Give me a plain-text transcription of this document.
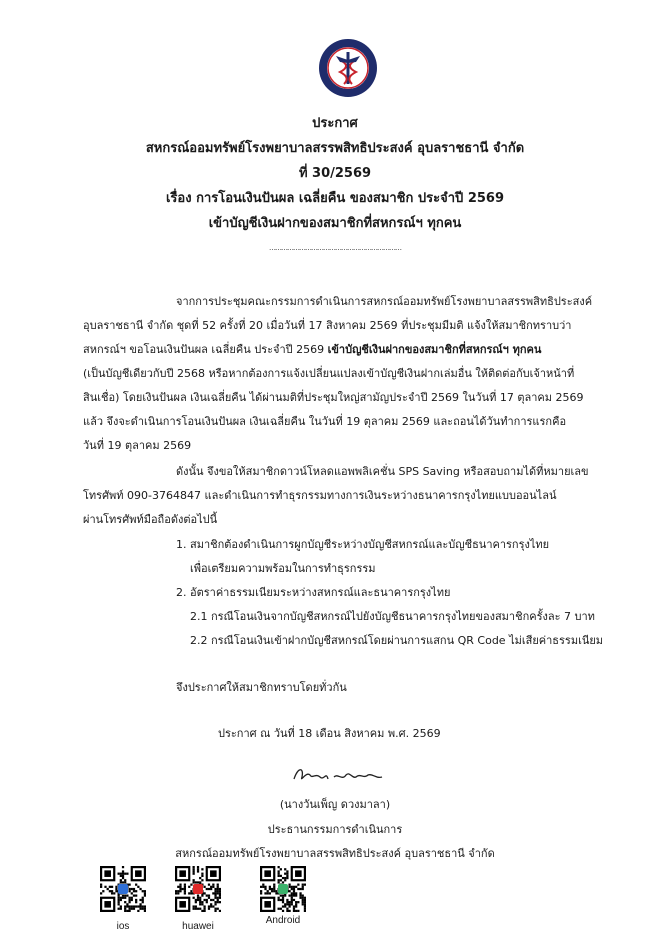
ประกาศ
สหกรณ์ออมทรัพย์โรงพยาบาลสรรพสิทธิประสงค์ อุบลราชธานี จำกัด
ที่ 30/2569
เรื่อง การโอนเงินปันผล เฉลี่ยคืน ของสมาชิก ประจำปี 2569
เข้าบัญชีเงินฝากของสมาชิกที่สหกรณ์ฯ ทุกคน
…………………………………………………………
จากการประชุมคณะกรรมการดำเนินการสหกรณ์ออมทรัพย์โรงพยาบาลสรรพสิทธิประสงค์
อุบลราชธานี จำกัด ชุดที่ 52 ครั้งที่ 20 เมื่อวันที่ 17 สิงหาคม 2569 ที่ประชุมมีมติ แจ้งให้สมาชิกทราบว่า
สหกรณ์ฯ ขอโอนเงินปันผล เฉลี่ยคืน ประจำปี 2569 เข้าบัญชีเงินฝากของสมาชิกที่สหกรณ์ฯ ทุกคน
(เป็นบัญชีเดียวกับปี 2568 หรือหากต้องการแจ้งเปลี่ยนแปลงเข้าบัญชีเงินฝากเล่มอื่น ให้ติดต่อกับเจ้าหน้าที่
สินเชื่อ) โดยเงินปันผล เงินเฉลี่ยคืน ได้ผ่านมติที่ประชุมใหญ่สามัญประจำปี 2569 ในวันที่ 17 ตุลาคม 2569
แล้ว จึงจะดำเนินการโอนเงินปันผล เงินเฉลี่ยคืน ในวันที่ 19 ตุลาคม 2569 และถอนได้วันทำการแรกคือ
วันที่ 19 ตุลาคม 2569
ดังนั้น จึงขอให้สมาชิกดาวน์โหลดแอพพลิเคชั่น SPS Saving หรือสอบถามได้ที่หมายเลข
โทรศัพท์ 090-3764847 และดำเนินการทำธุรกรรมทางการเงินระหว่างธนาคารกรุงไทยแบบออนไลน์
ผ่านโทรศัพท์มือถือดังต่อไปนี้
1. สมาชิกต้องดำเนินการผูกบัญชีระหว่างบัญชีสหกรณ์และบัญชีธนาคารกรุงไทย
เพื่อเตรียมความพร้อมในการทำธุรกรรม
2. อัตราค่าธรรมเนียมระหว่างสหกรณ์และธนาคารกรุงไทย
2.1 กรณีโอนเงินจากบัญชีสหกรณ์ไปยังบัญชีธนาคารกรุงไทยของสมาชิกครั้งละ 7 บาท
2.2 กรณีโอนเงินเข้าฝากบัญชีสหกรณ์โดยผ่านการแสกน QR Code ไม่เสียค่าธรรมเนียม
จึงประกาศให้สมาชิกทราบโดยทั่วกัน
ประกาศ ณ วันที่ 18 เดือน สิงหาคม พ.ศ. 2569
(นางวันเพ็ญ ดวงมาลา)
ประธานกรรมการดำเนินการ
สหกรณ์ออมทรัพย์โรงพยาบาลสรรพสิทธิประสงค์ อุบลราชธานี จำกัด
ios	huawei
Android
